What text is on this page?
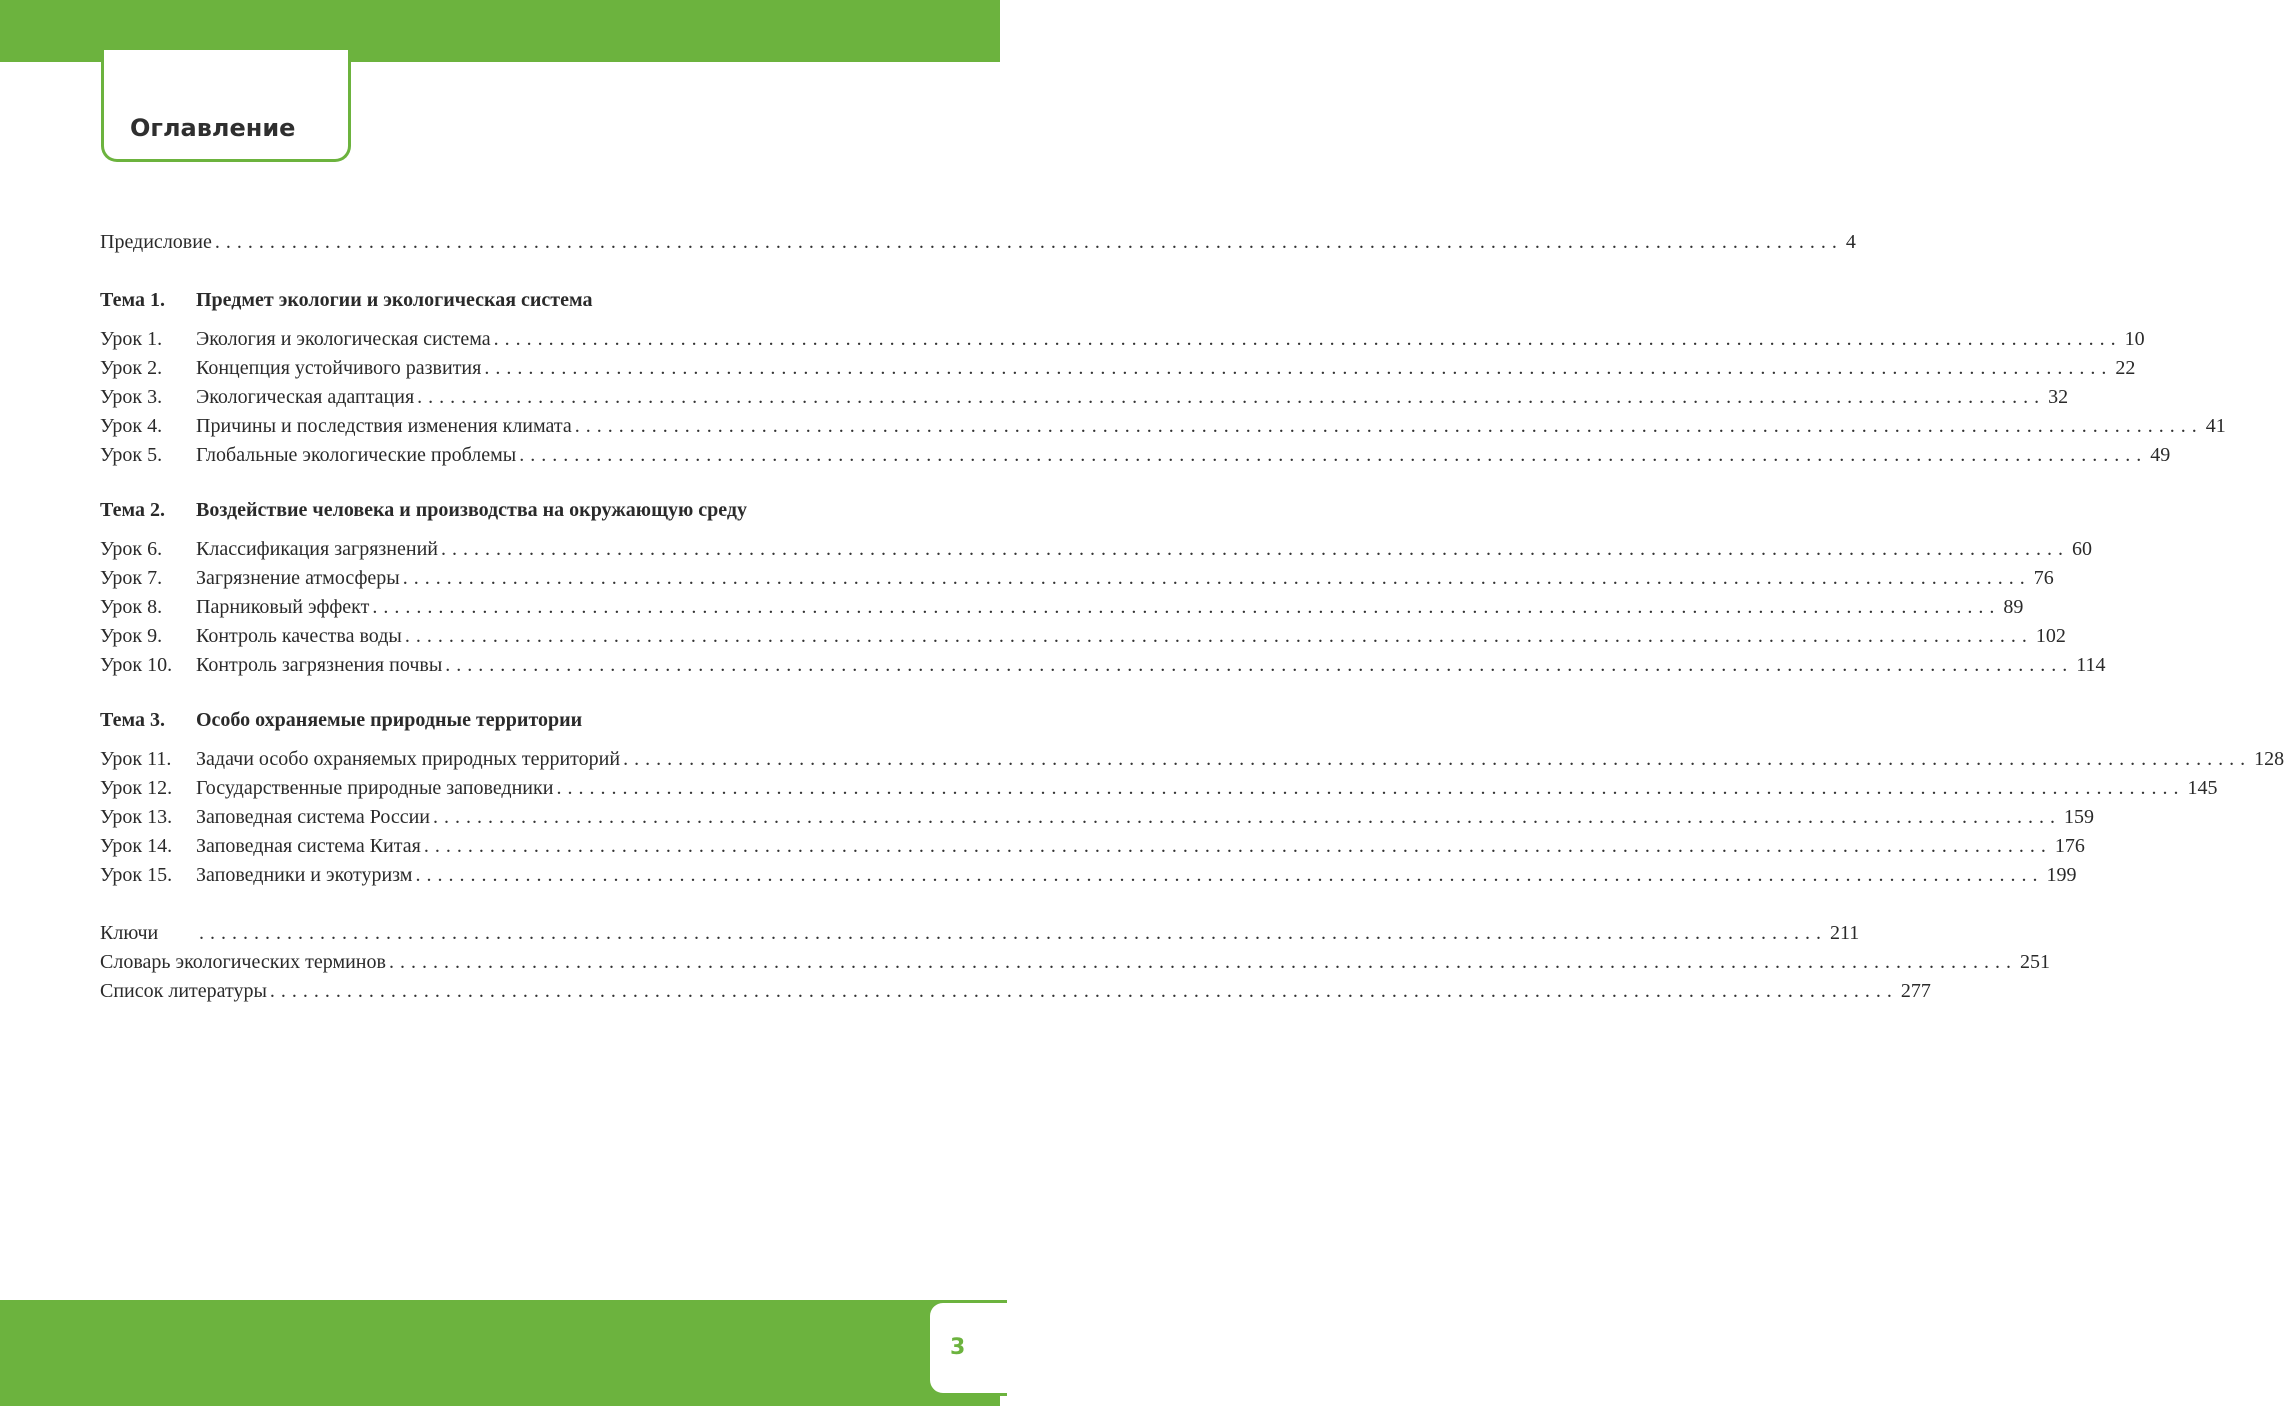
Оглавление
Предисловие .................................................................................................................................................... 4
Тема 1.	Предмет экологии и экологическая система
Урок 1.	Экология и экологическая система .................................................................................................................................................... 10
Урок 2.	Концепция устойчивого развития .................................................................................................................................................... 22
Урок 3.	Экологическая адаптация .................................................................................................................................................... 32
Урок 4.	Причины и последствия изменения климата .................................................................................................................................................... 41
Урок 5.	Глобальные экологические проблемы .................................................................................................................................................... 49
Тема 2.	Воздействие человека и производства на окружающую среду
Урок 6.	Классификация загрязнений .................................................................................................................................................... 60
Урок 7.	Загрязнение атмосферы .................................................................................................................................................... 76
Урок 8.	Парниковый эффект .................................................................................................................................................... 89
Урок 9.	Контроль качества воды .................................................................................................................................................... 102
Урок 10.	Контроль загрязнения почвы .................................................................................................................................................... 114
Тема 3.	Особо охраняемые природные территории
Урок 11.	Задачи особо охраняемых природных территорий .................................................................................................................................................... 128
Урок 12.	Государственные природные заповедники .................................................................................................................................................... 145
Урок 13.	Заповедная система России .................................................................................................................................................... 159
Урок 14.	Заповедная система Китая .................................................................................................................................................... 176
Урок 15.	Заповедники и экотуризм .................................................................................................................................................... 199
Ключи	.................................................................................................................................................... 211
Словарь экологических терминов .................................................................................................................................................... 251
Список литературы .................................................................................................................................................... 277
3
